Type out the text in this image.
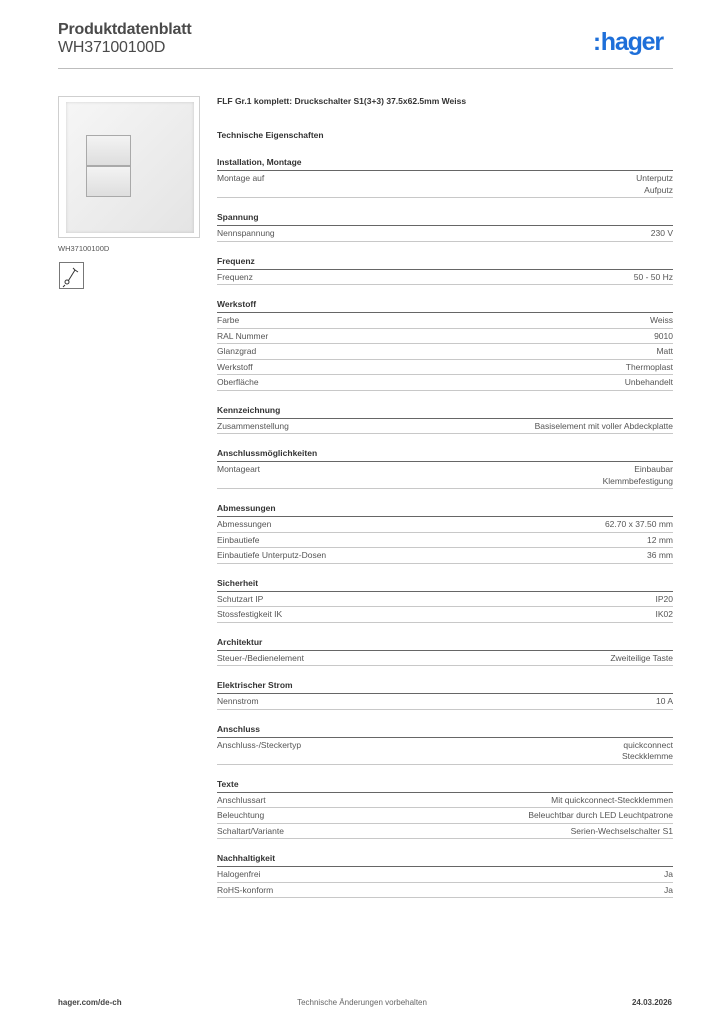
Produktdatenblatt
WH37100100D	:hager
WH37100100D
FLF Gr.1 komplett: Druckschalter S1(3+3) 37.5x62.5mm Weiss
Technische Eigenschaften
Installation, Montage
Montage auf	Unterputz
Aufputz
Spannung
Nennspannung	230 V
Frequenz
Frequenz	50 - 50 Hz
Werkstoff
Farbe	Weiss
RAL Nummer	9010
Glanzgrad	Matt
Werkstoff	Thermoplast
Oberfläche	Unbehandelt
Kennzeichnung
Zusammenstellung	Basiselement mit voller Abdeckplatte
Anschlussmöglichkeiten
Montageart	Einbaubar
Klemmbefestigung
Abmessungen
Abmessungen	62.70 x 37.50 mm
Einbautiefe	12 mm
Einbautiefe Unterputz-Dosen	36 mm
Sicherheit
Schutzart IP	IP20
Stossfestigkeit IK	IK02
Architektur
Steuer-/Bedienelement	Zweiteilige Taste
Elektrischer Strom
Nennstrom	10 A
Anschluss
Anschluss-/Steckertyp	quickconnect
Steckklemme
Texte
Anschlussart	Mit quickconnect-Steckklemmen
Beleuchtung	Beleuchtbar durch LED Leuchtpatrone
Schaltart/Variante	Serien-Wechselschalter S1
Nachhaltigkeit
Halogenfrei	Ja
RoHS-konform	Ja
hager.com/de-ch	Technische Änderungen vorbehalten	24.03.2026
